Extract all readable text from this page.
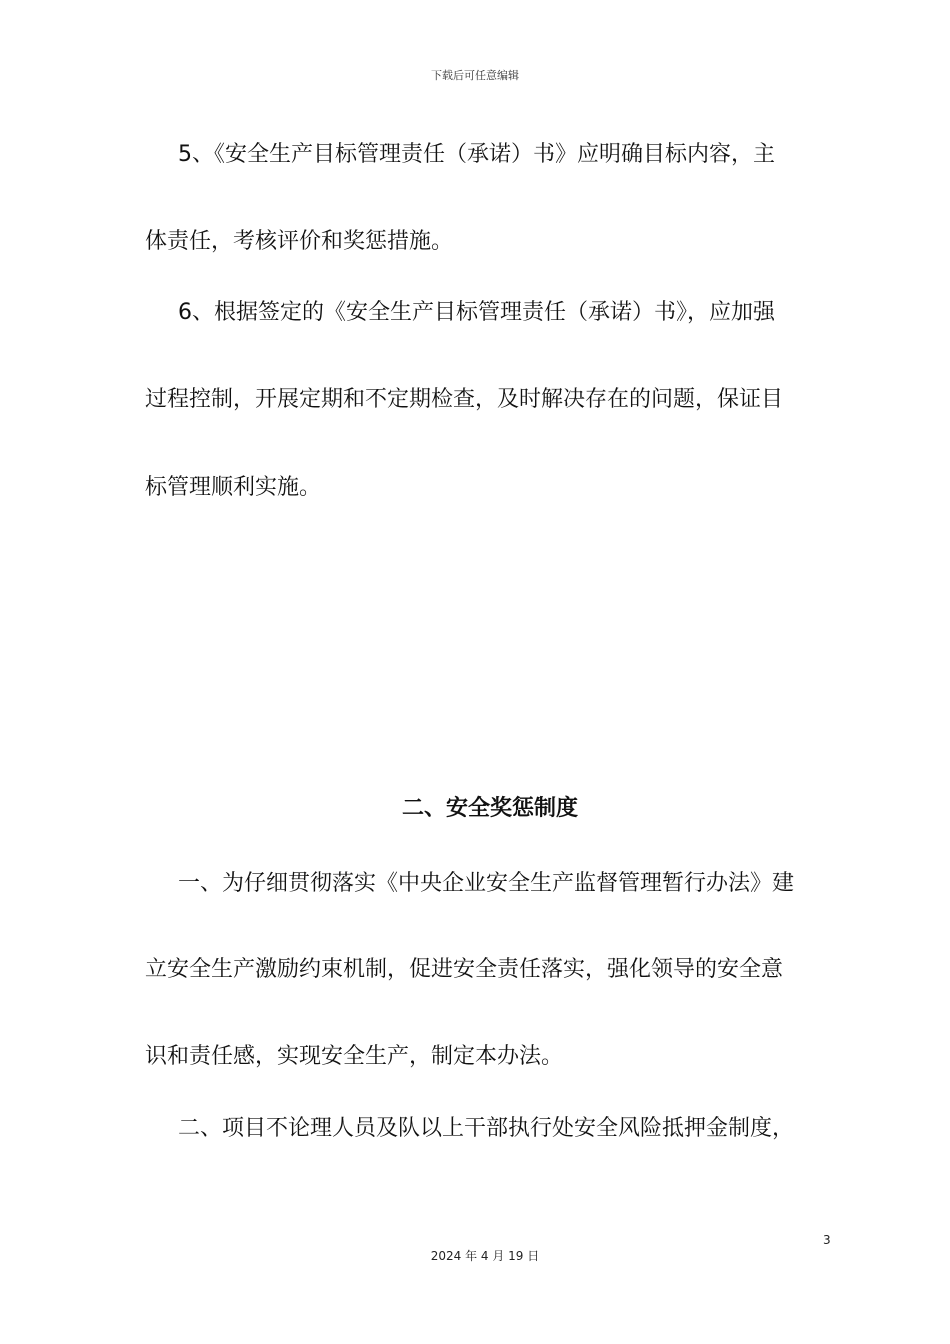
下载后可任意编辑
5、《安全生产目标管理责任（承诺）书》应明确目标内容，主
体责任，考核评价和奖惩措施。
6、根据签定的《安全生产目标管理责任（承诺）书》，应加强
过程控制，开展定期和不定期检查，及时解决存在的问题，保证目
标管理顺利实施。
二、安全奖惩制度
一、为仔细贯彻落实《中央企业安全生产监督管理暂行办法》建
立安全生产激励约束机制，促进安全责任落实，强化领导的安全意
识和责任感，实现安全生产，制定本办法。
二、项目不论理人员及队以上干部执行处安全风险抵押金制度，
3
2024 年 4 月 19 日
